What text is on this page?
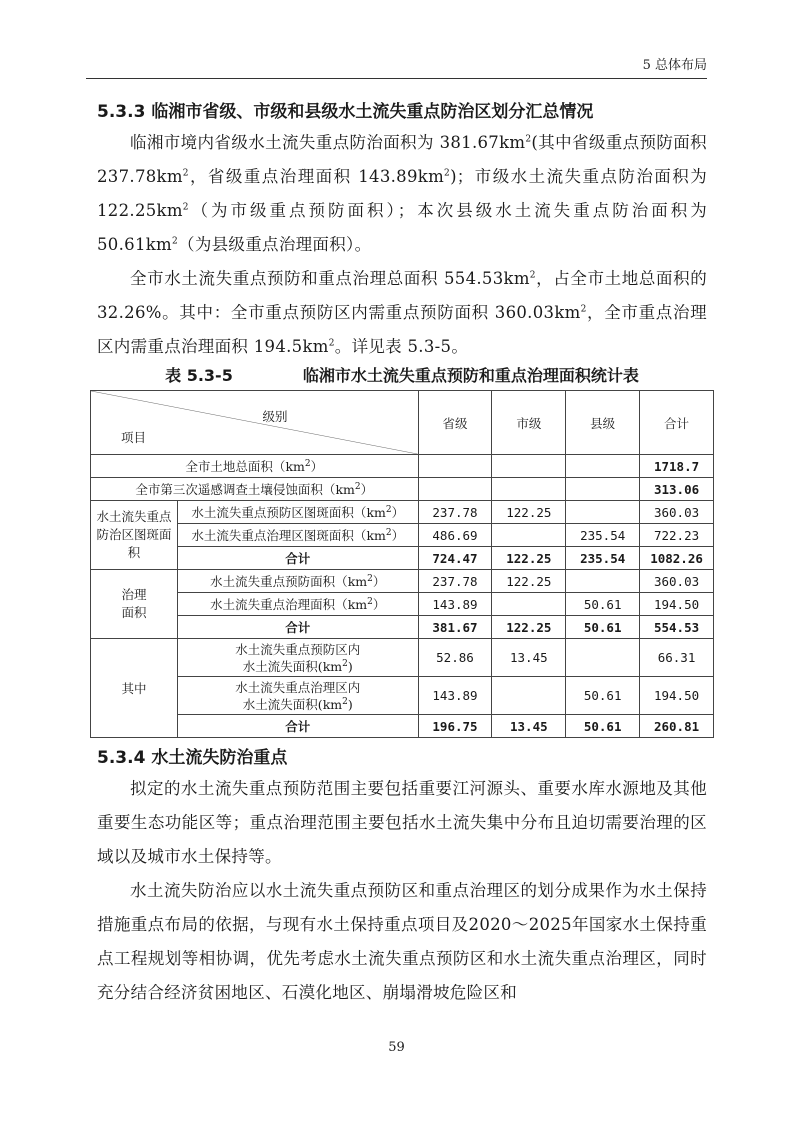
5 总体布局
5.3.3 临湘市省级、市级和县级水土流失重点防治区划分汇总情况

临湘市境内省级水土流失重点防治面积为 $381.67km^2$(其中省级重点预防面积 $237.78km^2$，省级重点治理面积 $143.89km^2$)；市级水土流失重点防治面积为 $122.25km^2$（为市级重点预防面积）；本次县级水土流失重点防治面积为 $50.61km^2$（为县级重点治理面积）。

全市水土流失重点预防和重点治理总面积 $554.53km^2$，占全市土地总面积的 32.26%。其中：全市重点预防区内需重点预防面积 $360.03km^2$，全市重点治理区内需重点治理面积 $194.5km^2$。详见表 5.3-5。

表 5.3-5	临湘市水土流失重点预防和重点治理面积统计表
级别
项目		省级	市级	县级	合计
全市土地总面积$(km^2)$					1718.7
全市第三次遥感调查土壤侵蚀面积$(km^2)$					313.06
水土流失重点防治区图斑面积	水土流失重点预防区图斑面积$(km^2)$	237.78	122.25		360.03
	水土流失重点治理区图斑面积$(km^2)$	486.69		235.54	722.23
	合计	724.47	122.25	235.54	1082.26
治理面积	水土流失重点预防面积$(km^2)$	237.78	122.25		360.03
	水土流失重点治理面积$(km^2)$	143.89		50.61	194.50
	合计	381.67	122.25	50.61	554.53
其中	水土流失重点预防区内
水土流失面积$(km^2)$	52.86	13.45		66.31
	水土流失重点治理区内
水土流失面积$(km^2)$	143.89		50.61	194.50
	合计	196.75	13.45	50.61	260.81
5.3.4 水土流失防治重点

拟定的水土流失重点预防范围主要包括重要江河源头、重要水库水源地及其他重要生态功能区等；重点治理范围主要包括水土流失集中分布且迫切需要治理的区域以及城市水土保持等。

水土流失防治应以水土流失重点预防区和重点治理区的划分成果作为水土保持措施重点布局的依据，与现有水土保持重点项目及2020～2025年国家水土保持重点工程规划等相协调，优先考虑水土流失重点预防区和水土流失重点治理区，同时充分结合经济贫困地区、石漠化地区、崩塌滑坡危险区和

59
